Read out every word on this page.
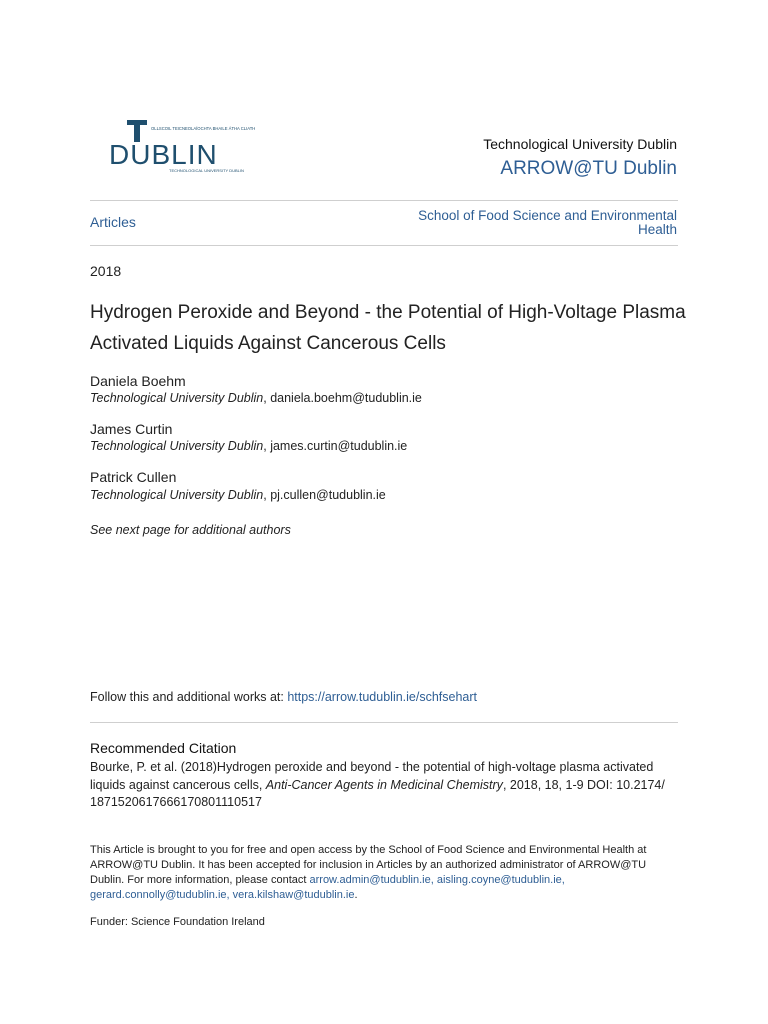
DUBLIN
OLLSCOIL TEICNEOLAÍOCHTA BHAILE ÁTHA CLIATH
TECHNOLOGICAL UNIVERSITY DUBLIN
Technological University Dublin
ARROW@TU Dublin
Articles	School of Food Science and Environmental Health
2018
Hydrogen Peroxide and Beyond - the Potential of High-Voltage Plasma Activated Liquids Against Cancerous Cells
Daniela Boehm
Technological University Dublin, daniela.boehm@tudublin.ie
James Curtin
Technological University Dublin, james.curtin@tudublin.ie
Patrick Cullen
Technological University Dublin, pj.cullen@tudublin.ie
See next page for additional authors
Follow this and additional works at: https://arrow.tudublin.ie/schfsehart
Recommended Citation
Bourke, P. et al. (2018)Hydrogen peroxide and beyond - the potential of high-voltage plasma activated liquids against cancerous cells, Anti-Cancer Agents in Medicinal Chemistry, 2018, 18, 1-9 DOI: 10.2174/ 1871520617666170801110517
This Article is brought to you for free and open access by the School of Food Science and Environmental Health at ARROW@TU Dublin. It has been accepted for inclusion in Articles by an authorized administrator of ARROW@TU Dublin. For more information, please contact arrow.admin@tudublin.ie, aisling.coyne@tudublin.ie, gerard.connolly@tudublin.ie, vera.kilshaw@tudublin.ie.
Funder: Science Foundation Ireland
